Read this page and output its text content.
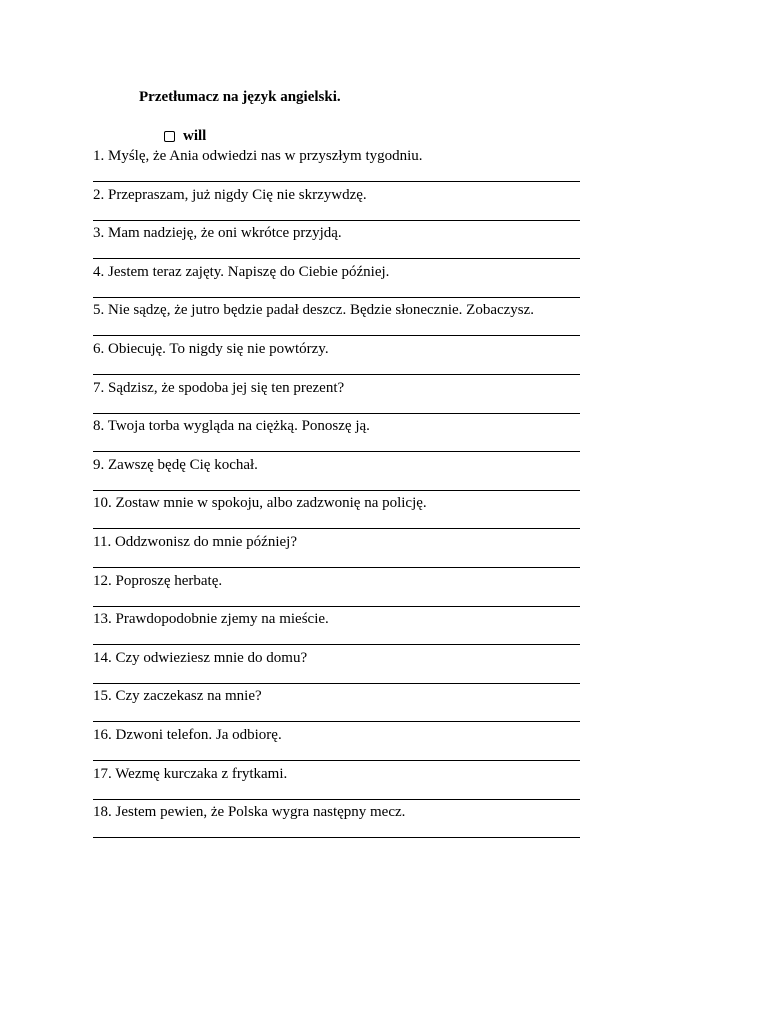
Przetłumacz na język angielski.
will
1. Myślę, że Ania odwiedzi nas w przyszłym tygodniu.
2. Przepraszam, już nigdy Cię nie skrzywdzę.
3. Mam nadzieję, że oni wkrótce przyjdą.
4. Jestem teraz zajęty. Napiszę do Ciebie później.
5. Nie sądzę, że jutro będzie padał deszcz. Będzie słonecznie. Zobaczysz.
6. Obiecuję. To nigdy się nie powtórzy.
7. Sądzisz, że spodoba jej się ten prezent?
8. Twoja torba wygląda na ciężką. Ponoszę ją.
9. Zawszę będę Cię kochał.
10. Zostaw mnie w spokoju, albo zadzwonię na policję.
11. Oddzwonisz do mnie później?
12. Poproszę herbatę.
13. Prawdopodobnie zjemy na mieście.
14. Czy odwieziesz mnie do domu?
15. Czy zaczekasz na mnie?
16. Dzwoni telefon. Ja odbiorę.
17. Wezmę kurczaka z frytkami.
18. Jestem pewien, że Polska wygra następny mecz.
